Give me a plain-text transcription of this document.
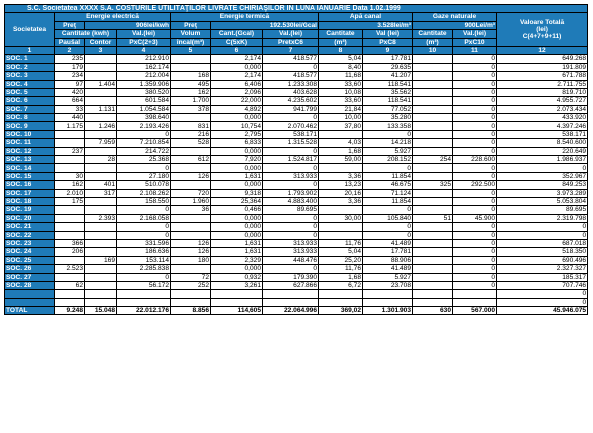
S.C. Societatea XXXX S.A. COSTURILE UTILITĂŢILOR LIVRATE CHIRIAŞILOR ÎN LUNA IANUARIE Data 1.02.1999											
Societatea	Energie electrică			Energie termică			Apă canal		Gaze naturale		Valoare Totală
(lei)
C(4+7+9+11)

	Preţ	906lei/kwh		Preţ	192.530lei/Gcal		3.528lei/m³		900Lei/m³		
	Cantitate (kwh)		Val.(lei)	Volum	Cant.(Gcal)	Val.(lei)	Cantitate	Val (lei)	Cantitate	Val.(lei)	
	Paušal	Contor	PxC(2+3)	încal(m³)	C(5xK)	PretxC6	(m³)	PxC8	(m³)	PxC10	
1	2	3	4	5	6	7	8	9	10	11	12
SOC. 1	235		212.910		2,174	418.577	5,04	17.781		0	649.268
SOC. 2	179		162.174		0,000	0	8,40	29.635		0	191.809
SOC. 3	234		212.004	168	2,174	418.577	11,68	41.207		0	671.788
SOC. 4	97	1.404	1.359.906	495	6,406	1.233.308	33,60	118.541		0	2.711.755
SOC. 5	420		380.520	162	2,096	403.628	10,08	35.562		0	819.710
SOC. 6	664		601.584	1.700	22,000	4.235.602	33,60	118.541		0	4.955.727
SOC. 7	33	1.131	1.054.584	378	4,892	941.799	21,84	77.052		0	2.073.434
SOC. 8	440		398.640		0,000	0	10,00	35.280		0	433.920
SOC. 9	1.175	1.246	2.193.426	831	10,754	2.070.462	37,80	133.358		0	4.397.246
SOC. 10			0	216	2,795	538.171		0		0	538.171
SOC. 11		7.959	7.210.854	528	6,833	1.315.528	4,03	14.218		0	8.540.600
SOC. 12	237		214.722		0,000	0	1,68	5.927		0	220.649
SOC. 13		28	25.368	612	7,920	1.524.817	59,00	208.152	254	228.600	1.986.937
SOC. 14			0		0,000	0		0		0	0
SOC. 15	30		27.180	126	1,631	313.933	3,36	11.854		0	352.967
SOC. 16	162	401	510.078		0,000	0	13,23	46.675	325	292.500	849.253
SOC. 17	2.010	317	2.108.262	720	9,318	1.793.902	20,16	71.124		0	3.973.289
SOC. 18	175		158.550	1.960	25,364	4.883.400	3,36	11.854		0	5.053.804
SOC. 19			0	36	0,466	89.695		0		0	89.695
SOC. 20		2.393	2.168.058		0,000	0	30,00	105.840	51	45.900	2.319.798
SOC. 21			0		0,000	0		0		0	0
SOC. 22			0		0,000	0		0		0	0
SOC. 23	366		331.596	126	1,631	313.933	11,76	41.489		0	687.018
SOC. 24	206		186.636	126	1,631	313.933	5,04	17.781		0	518.350
SOC. 25		169	153.114	180	2,329	448.476	25,20	88.906		0	690.496
SOC. 26	2.523		2.285.838		0,000	0	11,76	41.489		0	2.327.327
SOC. 27			0	72	0,932	179.390	1,68	5.927		0	185.317
SOC. 28	62		56.172	252	3,261	627.866	6,72	23.708		0	707.746
											0
											0
TOTAL	9.248	15.048	22.012.176	8.856	114,605	22.064.996	369,02	1.301.903	630	567.000	45.946.075
